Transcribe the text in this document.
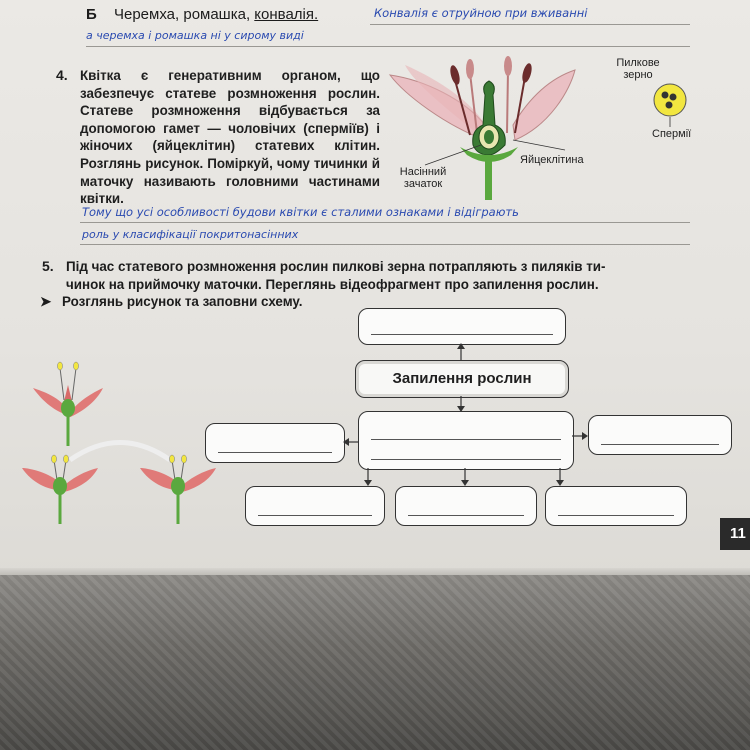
Б Черемха, ромашка, конвалія.	Конвалія є отруйною при вживанні
а черемха і ромашка ні у сирому виді
4. Квітка є генеративним органом, що забезпечує статеве розмноження рослин. Статеве розмноження відбувається за допомогою гамет — чоловічих (сперміїв) і жіночих (яйцеклітин) статевих клітин. Розглянь рисунок. Поміркуй, чому тичинки й маточку називають головними частинами квітки.
Пилкове
зерно
Спермії
Яйцеклітина
Насінний
зачаток
Тому що усі особливості будови квітки є сталими ознаками і відіграють
роль у класифікації покритонасінних
5. Під час статевого розмноження рослин пилкові зерна потрапляють з пиляків ти-
чинок на приймочку маточки. Переглянь відеофрагмент про запилення рослин.
➤ Розглянь рисунок та заповни схему.
Запилення рослин
11
